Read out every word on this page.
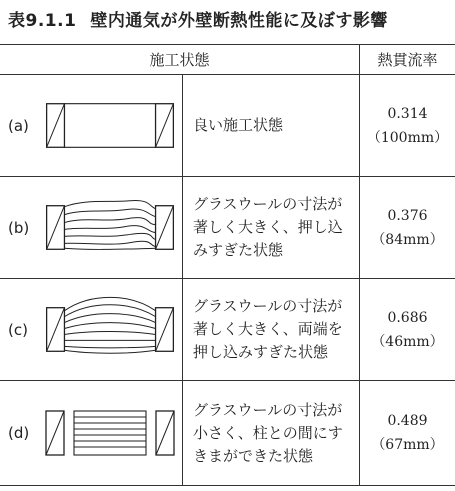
表9.1.1 壁内通気が外壁断熱性能に及ぼす影響
施工状態	熱貫流率
(a)	良い施工状態
0.314
（100mm）
(b)
グラスウールの寸法が
著しく大きく、押し込
みすぎた状態
0.376
（84mm）
(c)
グラスウールの寸法が
著しく大きく、両端を
押し込みすぎた状態
0.686
（46mm）
(d)
グラスウールの寸法が
小さく、柱との間にす
きまができた状態
0.489
（67mm）
